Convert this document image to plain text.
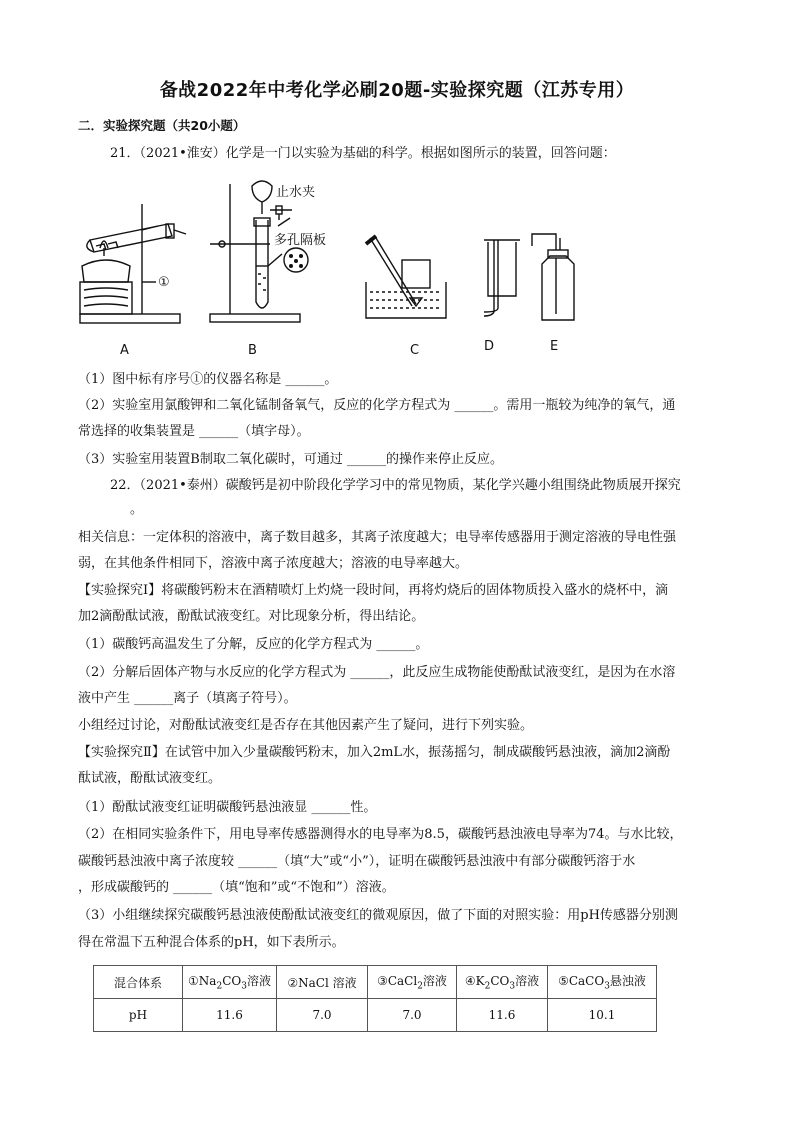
备战2022年中考化学必刷20题-实验探究题（江苏专用）
二．实验探究题（共20小题）
21．（2021•淮安）化学是一门以实验为基础的科学。根据如图所示的装置，回答问题：
①
A
止水夹
多孔隔板
B	C	D	E
（1）图中标有序号①的仪器名称是 ______。
（2）实验室用氯酸钾和二氧化锰制备氧气，反应的化学方程式为 ______。需用一瓶较为纯净的氧气，通
常选择的收集装置是 ______（填字母）。
（3）实验室用装置B制取二氧化碳时，可通过 ______的操作来停止反应。
22．（2021•泰州）碳酸钙是初中阶段化学学习中的常见物质，某化学兴趣小组围绕此物质展开探究
。
相关信息：一定体积的溶液中，离子数目越多，其离子浓度越大；电导率传感器用于测定溶液的导电性强
弱，在其他条件相同下，溶液中离子浓度越大；溶液的电导率越大。
【实验探究Ⅰ】将碳酸钙粉末在酒精喷灯上灼烧一段时间，再将灼烧后的固体物质投入盛水的烧杯中，滴
加2滴酚酞试液，酚酞试液变红。对比现象分析，得出结论。
（1）碳酸钙高温发生了分解，反应的化学方程式为 ______。
（2）分解后固体产物与水反应的化学方程式为 ______，此反应生成物能使酚酞试液变红，是因为在水溶
液中产生 ______离子（填离子符号）。
小组经过讨论，对酚酞试液变红是否存在其他因素产生了疑问，进行下列实验。
【实验探究Ⅱ】在试管中加入少量碳酸钙粉末，加入2mL水，振荡摇匀，制成碳酸钙悬浊液，滴加2滴酚
酞试液，酚酞试液变红。
（1）酚酞试液变红证明碳酸钙悬浊液显 ______性。
（2）在相同实验条件下，用电导率传感器测得水的电导率为8.5，碳酸钙悬浊液电导率为74。与水比较，
碳酸钙悬浊液中离子浓度较 ______（填“大”或“小”），证明在碳酸钙悬浊液中有部分碳酸钙溶于水
，形成碳酸钙的 ______（填“饱和”或“不饱和”）溶液。
（3）小组继续探究碳酸钙悬浊液使酚酞试液变红的微观原因，做了下面的对照实验：用pH传感器分别测
得在常温下五种混合体系的pH，如下表所示。
混合体系	$①Na_2CO_3$溶液	②NaCl 溶液	③CaCl$_2$溶液	$④K_2CO_3$溶液	⑤CaCO$_3$悬浊液
pH	11.6	7.0	7.0	11.6	10.1
